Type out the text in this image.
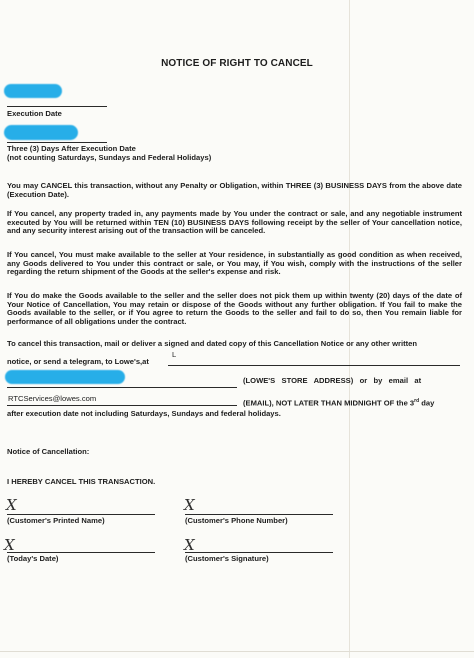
NOTICE OF RIGHT TO CANCEL
Execution Date
Three (3) Days After Execution Date
(not counting Saturdays, Sundays and Federal Holidays)

You may CANCEL this transaction, without any Penalty or Obligation, within THREE (3) BUSINESS DAYS from the above date (Execution Date).

If You cancel, any property traded in, any payments made by You under the contract or sale, and any negotiable instrument executed by You will be returned within TEN (10) BUSINESS DAYS following receipt by the seller of Your cancellation notice, and any security interest arising out of the transaction will be canceled.

If You cancel, You must make available to the seller at Your residence, in substantially as good condition as when received, any Goods delivered to You under this contract or sale, or You may, if You wish, comply with the instructions of the seller regarding the return shipment of the Goods at the seller's expense and risk.

If You do make the Goods available to the seller and the seller does not pick them up within twenty (20) days of the date of Your Notice of Cancellation, You may retain or dispose of the Goods without any further obligation. If You fail to make the Goods available to the seller, or if You agree to return the Goods to the seller and fail to do so, then You remain liable for performance of all obligations under the contract.

To cancel this transaction, mail or deliver a signed and dated copy of this Cancellation Notice or any other written
notice, or send a telegram, to Lowe's,at
L
(LOWE'S   STORE   ADDRESS)   or   by   email   at
RTCServices@lowes.com
(EMAIL), NOT LATER THAN MIDNIGHT OF the 3rd day
after execution date not including Saturdays, Sundays and federal holidays.
Notice of Cancellation:
I HEREBY CANCEL THIS TRANSACTION.
X
(Customer's Printed Name)
X
(Customer's Phone Number)
X
(Today's Date)
X
(Customer's Signature)
